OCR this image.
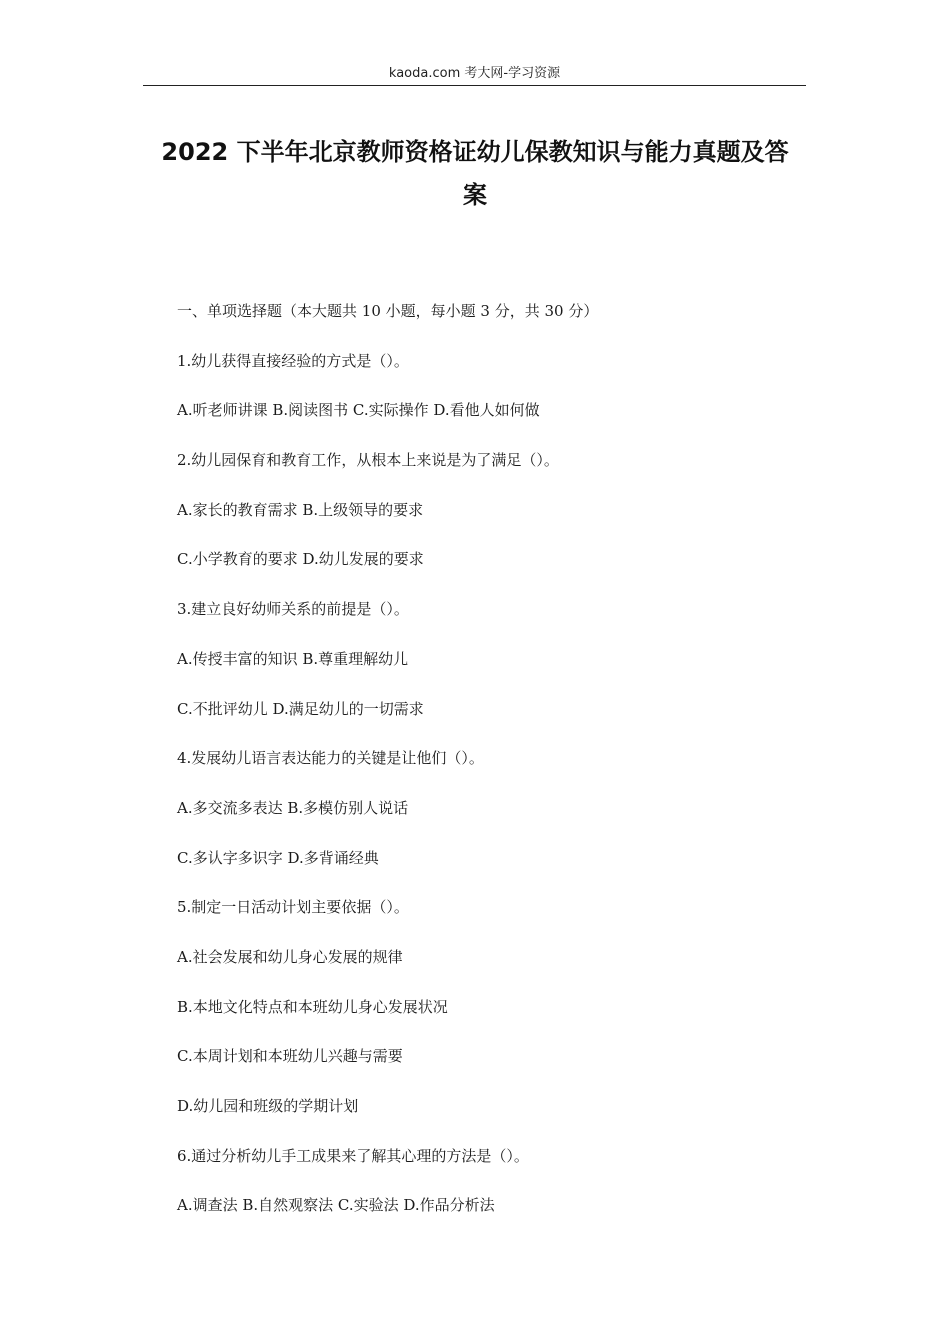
kaoda.com 考大网-学习资源
2022 下半年北京教师资格证幼儿保教知识与能力真题及答
案
一、单项选择题（本大题共 10 小题，每小题 3 分，共 30 分）
1.幼儿获得直接经验的方式是（）。
A.听老师讲课 B.阅读图书 C.实际操作 D.看他人如何做
2.幼儿园保育和教育工作，从根本上来说是为了满足（）。
A.家长的教育需求 B.上级领导的要求
C.小学教育的要求 D.幼儿发展的要求
3.建立良好幼师关系的前提是（）。
A.传授丰富的知识 B.尊重理解幼儿
C.不批评幼儿 D.满足幼儿的一切需求
4.发展幼儿语言表达能力的关键是让他们（）。
A.多交流多表达 B.多模仿别人说话
C.多认字多识字 D.多背诵经典
5.制定一日活动计划主要依据（）。
A.社会发展和幼儿身心发展的规律
B.本地文化特点和本班幼儿身心发展状况
C.本周计划和本班幼儿兴趣与需要
D.幼儿园和班级的学期计划
6.通过分析幼儿手工成果来了解其心理的方法是（）。
A.调查法 B.自然观察法 C.实验法 D.作品分析法
